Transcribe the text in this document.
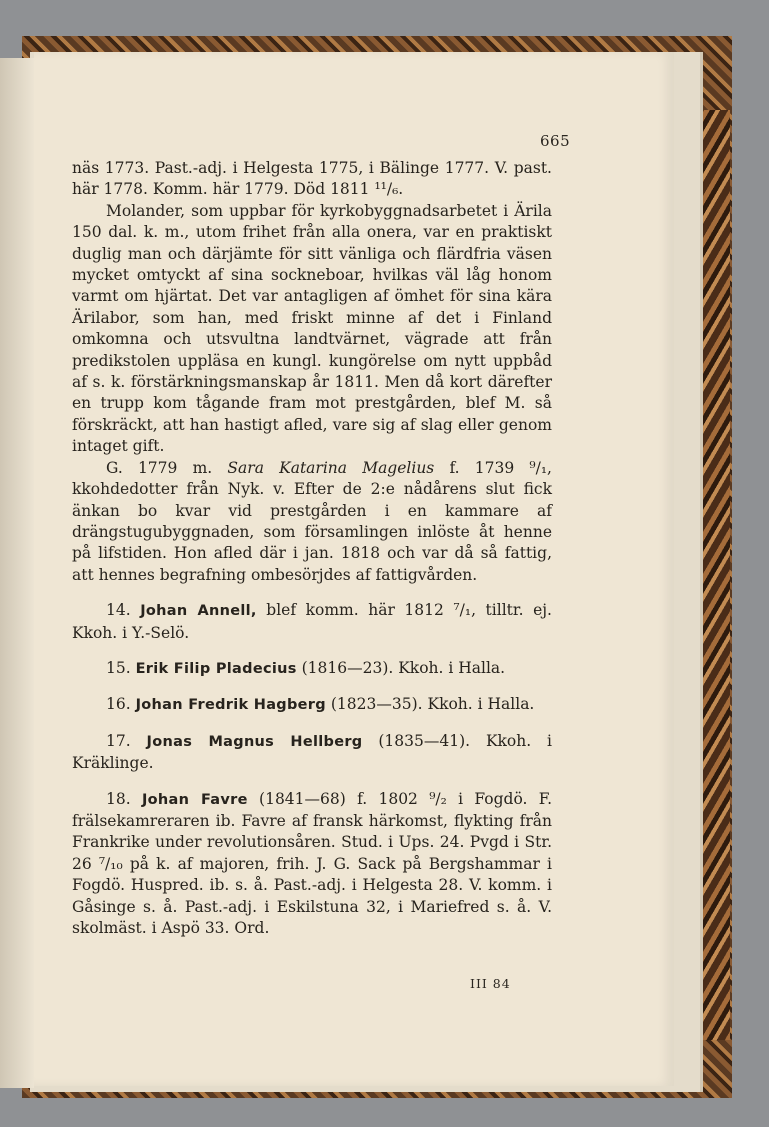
665

näs 1773. Past.-adj. i Helgesta 1775, i Bälinge 1777. V. past. här 1778. Komm. här 1779. Död 1811 ¹¹/₆.

Molander, som uppbar för kyrkobyggnadsarbetet i Ärila 150 dal. k. m., utom frihet från alla onera, var en praktiskt duglig man och därjämte för sitt vänliga och flärdfria väsen mycket omtyckt af sina sockneboar, hvilkas väl låg honom varmt om hjärtat. Det var antagligen af ömhet för sina kära Ärilabor, som han, med friskt minne af det i Finland omkomna och utsvultna landtvärnet, vägrade att från predikstolen uppläsa en kungl. kungörelse om nytt uppbåd af s. k. förstärkningsmanskap år 1811. Men då kort därefter en trupp kom tågande fram mot prestgården, blef M. så förskräckt, att han hastigt afled, vare sig af slag eller genom intaget gift.

G. 1779 m. Sara Katarina Magelius f. 1739 ⁹/₁, kkohdedotter från Nyk. v. Efter de 2:e nådårens slut fick änkan bo kvar vid prestgården i en kammare af drängstugubyggnaden, som församlingen inlöste åt henne på lifstiden. Hon afled där i jan. 1818 och var då så fattig, att hennes begrafning ombesörjdes af fattigvården.

14. Johan Annell, blef komm. här 1812 ⁷/₁, tilltr. ej. Kkoh. i Y.-Selö.

15. Erik Filip Pladecius (1816—23). Kkoh. i Halla.

16. Johan Fredrik Hagberg (1823—35). Kkoh. i Halla.

17. Jonas Magnus Hellberg (1835—41). Kkoh. i Kräklinge.

18. Johan Favre (1841—68) f. 1802 ⁹/₂ i Fogdö. F. frälsekamreraren ib. Favre af fransk härkomst, flykting från Frankrike under revolutionsåren. Stud. i Ups. 24. Pvgd i Str. 26 ⁷/₁₀ på k. af majoren, frih. J. G. Sack på Bergshammar i Fogdö. Huspred. ib. s. å. Past.-adj. i Helgesta 28. V. komm. i Gåsinge s. å. Past.-adj. i Eskilstuna 32, i Mariefred s. å. V. skolmäst. i Aspö 33. Ord.

III 84
